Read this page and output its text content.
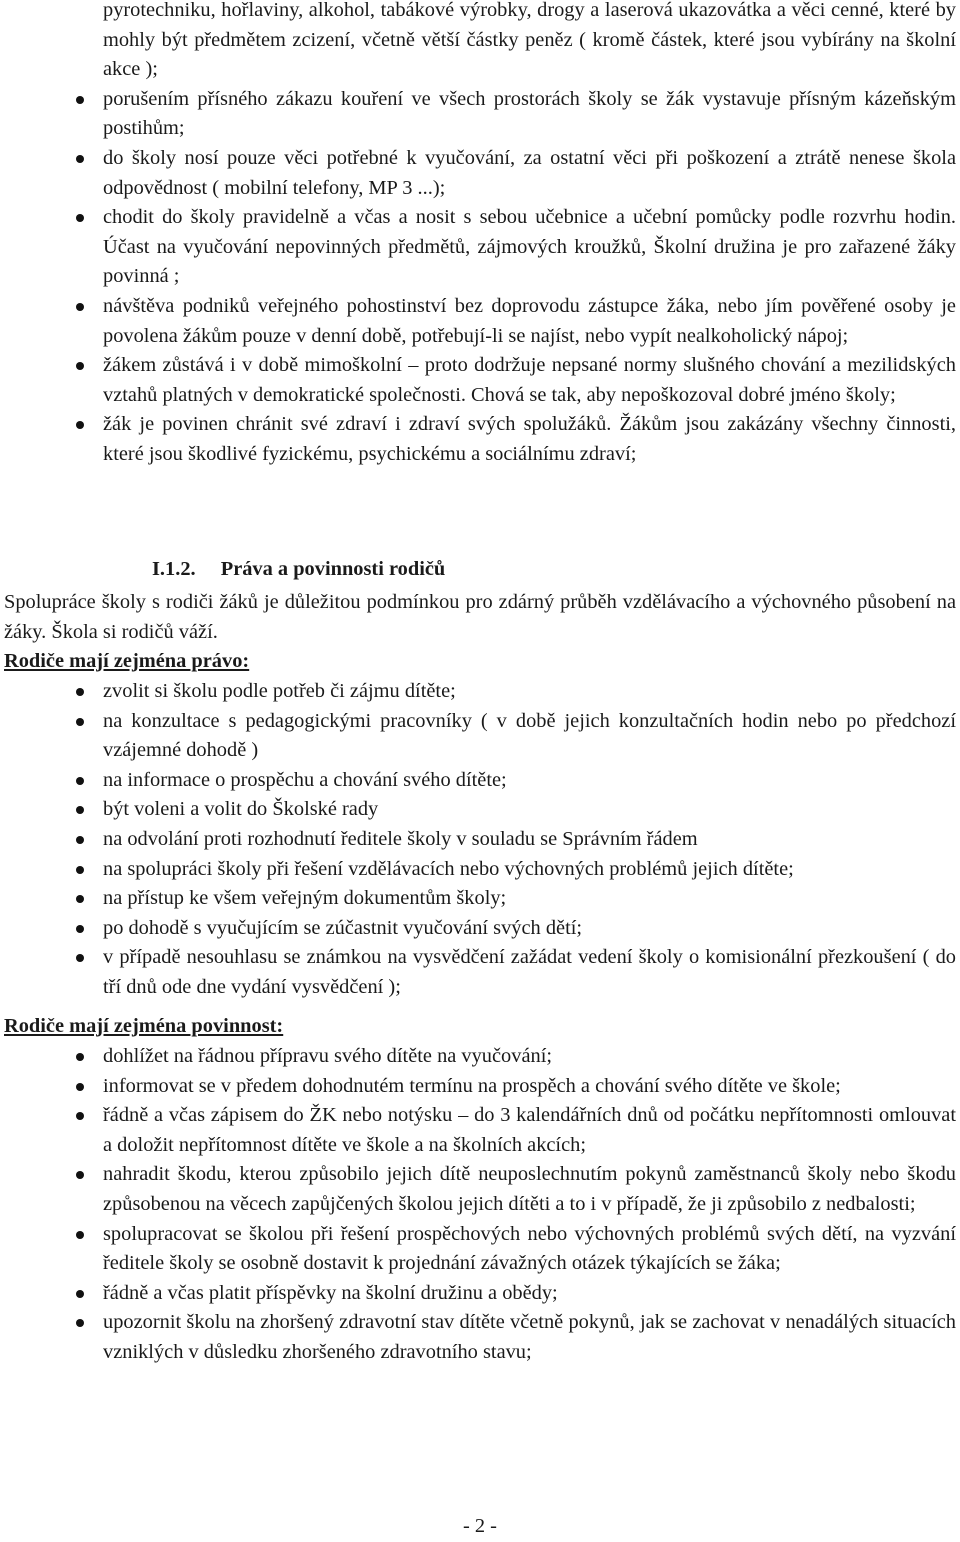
pyrotechniku, hořlaviny, alkohol, tabákové výrobky, drogy a laserová ukazovátka a věci cenné, které by mohly být předmětem zcizení, včetně větší částky peněz ( kromě částek, které jsou vybírány na školní akce );
porušením přísného zákazu kouření ve všech prostorách školy se žák vystavuje přísným kázeňským postihům;
do školy nosí pouze věci potřebné k vyučování, za ostatní věci při poškození a ztrátě nenese škola odpovědnost ( mobilní telefony, MP 3 ...);
chodit do školy pravidelně a včas a nosit s sebou učebnice a učební pomůcky podle rozvrhu hodin. Účast na vyučování nepovinných předmětů, zájmových kroužků, Školní družina je pro zařazené žáky povinná ;
návštěva podniků veřejného pohostinství bez doprovodu zástupce žáka, nebo jím pověřené osoby je povolena žákům pouze v denní době, potřebují-li se najíst, nebo vypít nealkoholický nápoj;
žákem zůstává i v době mimoškolní – proto dodržuje nepsané normy slušného chování a mezilidských vztahů platných v demokratické společnosti. Chová se tak, aby nepoškozoval dobré jméno školy;
žák je povinen chránit své zdraví i zdraví svých spolužáků. Žákům jsou zakázány všechny činnosti, které jsou škodlivé fyzickému, psychickému a sociálnímu zdraví;
I.1.2. Práva a povinnosti rodičů
Spolupráce školy s rodiči žáků je důležitou podmínkou pro zdárný průběh vzdělávacího a výchovného působení na žáky. Škola si rodičů váží.
Rodiče mají zejména právo:
zvolit si školu podle potřeb či zájmu dítěte;
na konzultace s pedagogickými pracovníky ( v době jejich konzultačních hodin nebo po předchozí vzájemné dohodě )
na informace o prospěchu a chování svého dítěte;
být voleni a volit do Školské rady
na odvolání proti rozhodnutí ředitele školy v souladu se Správním řádem
na spolupráci školy při řešení vzdělávacích nebo výchovných problémů jejich dítěte;
na přístup ke všem veřejným dokumentům školy;
po dohodě s vyučujícím se zúčastnit vyučování svých dětí;
v případě nesouhlasu se známkou na vysvědčení zažádat vedení školy o komisionální přezkoušení ( do tří dnů ode dne vydání vysvědčení );
Rodiče mají zejména povinnost:
dohlížet na řádnou přípravu svého dítěte na vyučování;
informovat se v předem dohodnutém termínu na prospěch a chování svého dítěte ve škole;
řádně a včas zápisem do ŽK nebo notýsku – do 3 kalendářních dnů od počátku nepřítomnosti omlouvat a doložit nepřítomnost dítěte ve škole a na školních akcích;
nahradit škodu, kterou způsobilo jejich dítě neuposlechnutím pokynů zaměstnanců školy nebo škodu způsobenou na věcech zapůjčených školou jejich dítěti a to i v případě, že ji způsobilo z nedbalosti;
spolupracovat se školou při řešení prospěchových nebo výchovných problémů svých dětí, na vyzvání ředitele školy se osobně dostavit k projednání závažných otázek týkajících se žáka;
řádně a včas platit příspěvky na školní družinu a obědy;
upozornit školu na zhoršený zdravotní stav dítěte včetně pokynů, jak se zachovat v nenadálých situacích vzniklých v důsledku zhoršeného zdravotního stavu;
- 2 -
